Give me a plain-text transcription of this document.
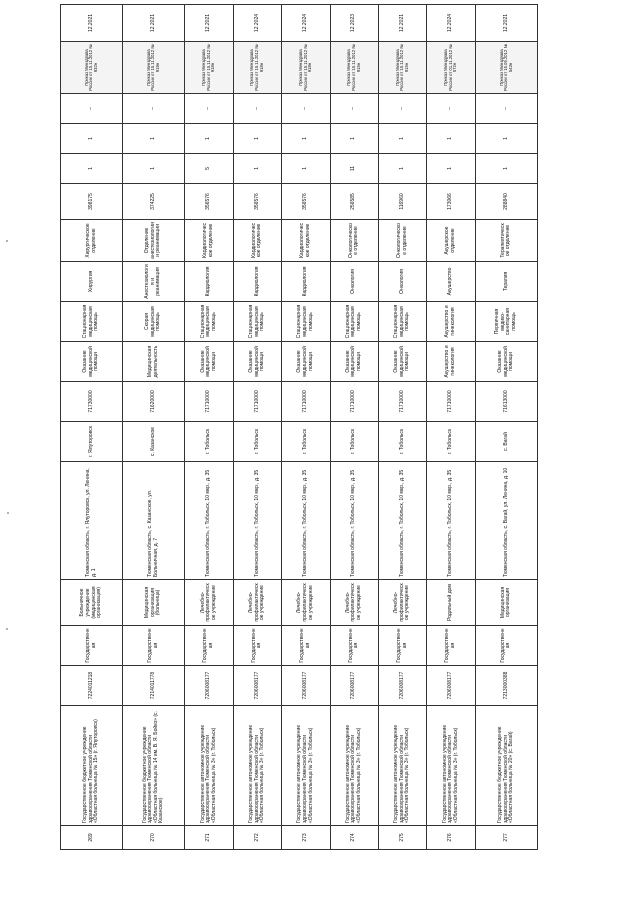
269	Государственное бюджетное учреждение здравоохранения Тюменской области «Областная больница № 15» (г. Ялуторовск)	7224011218	Государственная	Больничное учреждение (медицинская организация)	Тюменская область, г. Ялуторовск, ул. Ленина, д. 1	г. Ялуторовск	71730000	Оказание медицинской помощи	Стационарная медицинская помощь	Хирургия	Хирургическое отделение	398175	1	1	–	Приказ Минздрава России от 15.11.2012 № 932н	12.2021
270	Государственное бюджетное учреждение здравоохранения Тюменской области «Областная больница № 14 им. В. Я. Бойко» (с. Казанское)	7214011778	Государственная	Медицинская организация (больница)	Тюменская область, с. Казанское, ул. Больничная, д. 7	с. Казанское	71620000	Медицинская деятельность	Скорая медицинская помощь	Анестезиология и реанимация	Отделение анестезиологии и реанимации	374225	1	1	–	Приказ Минздрава России от 15.11.2012 № 919н	12.2021
271	Государственное автономное учреждение здравоохранения Тюменской области «Областная больница № 3» (г. Тобольск)	7206008177	Государственная	Лечебно-профилактическое учреждение	Тюменская область, г. Тобольск, 10 мкр., д. 35	г. Тобольск	71710000	Оказание медицинской помощи	Стационарная медицинская помощь	Кардиология	Кардиологическое отделение	356576	5	1	–	Приказ Минздрава России от 15.11.2012 № 918н	12.2021
272	Государственное автономное учреждение здравоохранения Тюменской области «Областная больница № 3» (г. Тобольск)	7206008177	Государственная	Лечебно-профилактическое учреждение	Тюменская область, г. Тобольск, 10 мкр., д. 35	г. Тобольск	71710000	Оказание медицинской помощи	Стационарная медицинская помощь	Кардиология	Кардиологическое отделение	356576	1	1	–	Приказ Минздрава России от 15.11.2012 № 918н	12.2024
273	Государственное автономное учреждение здравоохранения Тюменской области «Областная больница № 3» (г. Тобольск)	7206008177	Государственная	Лечебно-профилактическое учреждение	Тюменская область, г. Тобольск, 10 мкр., д. 35	г. Тобольск	71710000	Оказание медицинской помощи	Стационарная медицинская помощь	Кардиология	Кардиологическое отделение	356576	1	1	–	Приказ Минздрава России от 15.11.2012 № 918н	12.2024
274	Государственное автономное учреждение здравоохранения Тюменской области «Областная больница № 3» (г. Тобольск)	7206008177	Государственная	Лечебно-профилактическое учреждение	Тюменская область, г. Тобольск, 10 мкр., д. 35	г. Тобольск	71710000	Оказание медицинской помощи	Стационарная медицинская помощь	Онкология	Онкологическое отделение	256585	11	1	–	Приказ Минздрава России от 15.11.2012 № 915н	12.2023
275	Государственное автономное учреждение здравоохранения Тюменской области «Областная больница № 3» (г. Тобольск)	7206008177	Государственная	Лечебно-профилактическое учреждение	Тюменская область, г. Тобольск, 10 мкр., д. 35	г. Тобольск	71710000	Оказание медицинской помощи	Стационарная медицинская помощь	Онкология	Онкологическое отделение	116960	1	1	–	Приказ Минздрава России от 15.11.2012 № 915н	12.2021
276	Государственное автономное учреждение здравоохранения Тюменской области «Областная больница № 3» (г. Тобольск)	7206008177	Государственная	Родильный дом	Тюменская область, г. Тобольск, 10 мкр., д. 35	г. Тобольск	71710000	Акушерство и гинекология	Акушерство и гинекология	Акушерство	Акушерское отделение	173066	1	1	–	Приказ Минздрава России от 01.11.2012 № 572н	12.2024
277	Государственное бюджетное учреждение здравоохранения Тюменской области «Областная больница № 20» (с. Вагай)	7213000388	Государственная	Медицинская организация	Тюменская область, с. Вагай, ул. Ленина, д. 10	с. Вагай	71613000	Оказание медицинской помощи	Первичная медико-санитарная помощь	Терапия	Терапевтическое отделение	288840	1	1	–	Приказ Минздрава России от 15.05.2012 № 543н	12.2021
